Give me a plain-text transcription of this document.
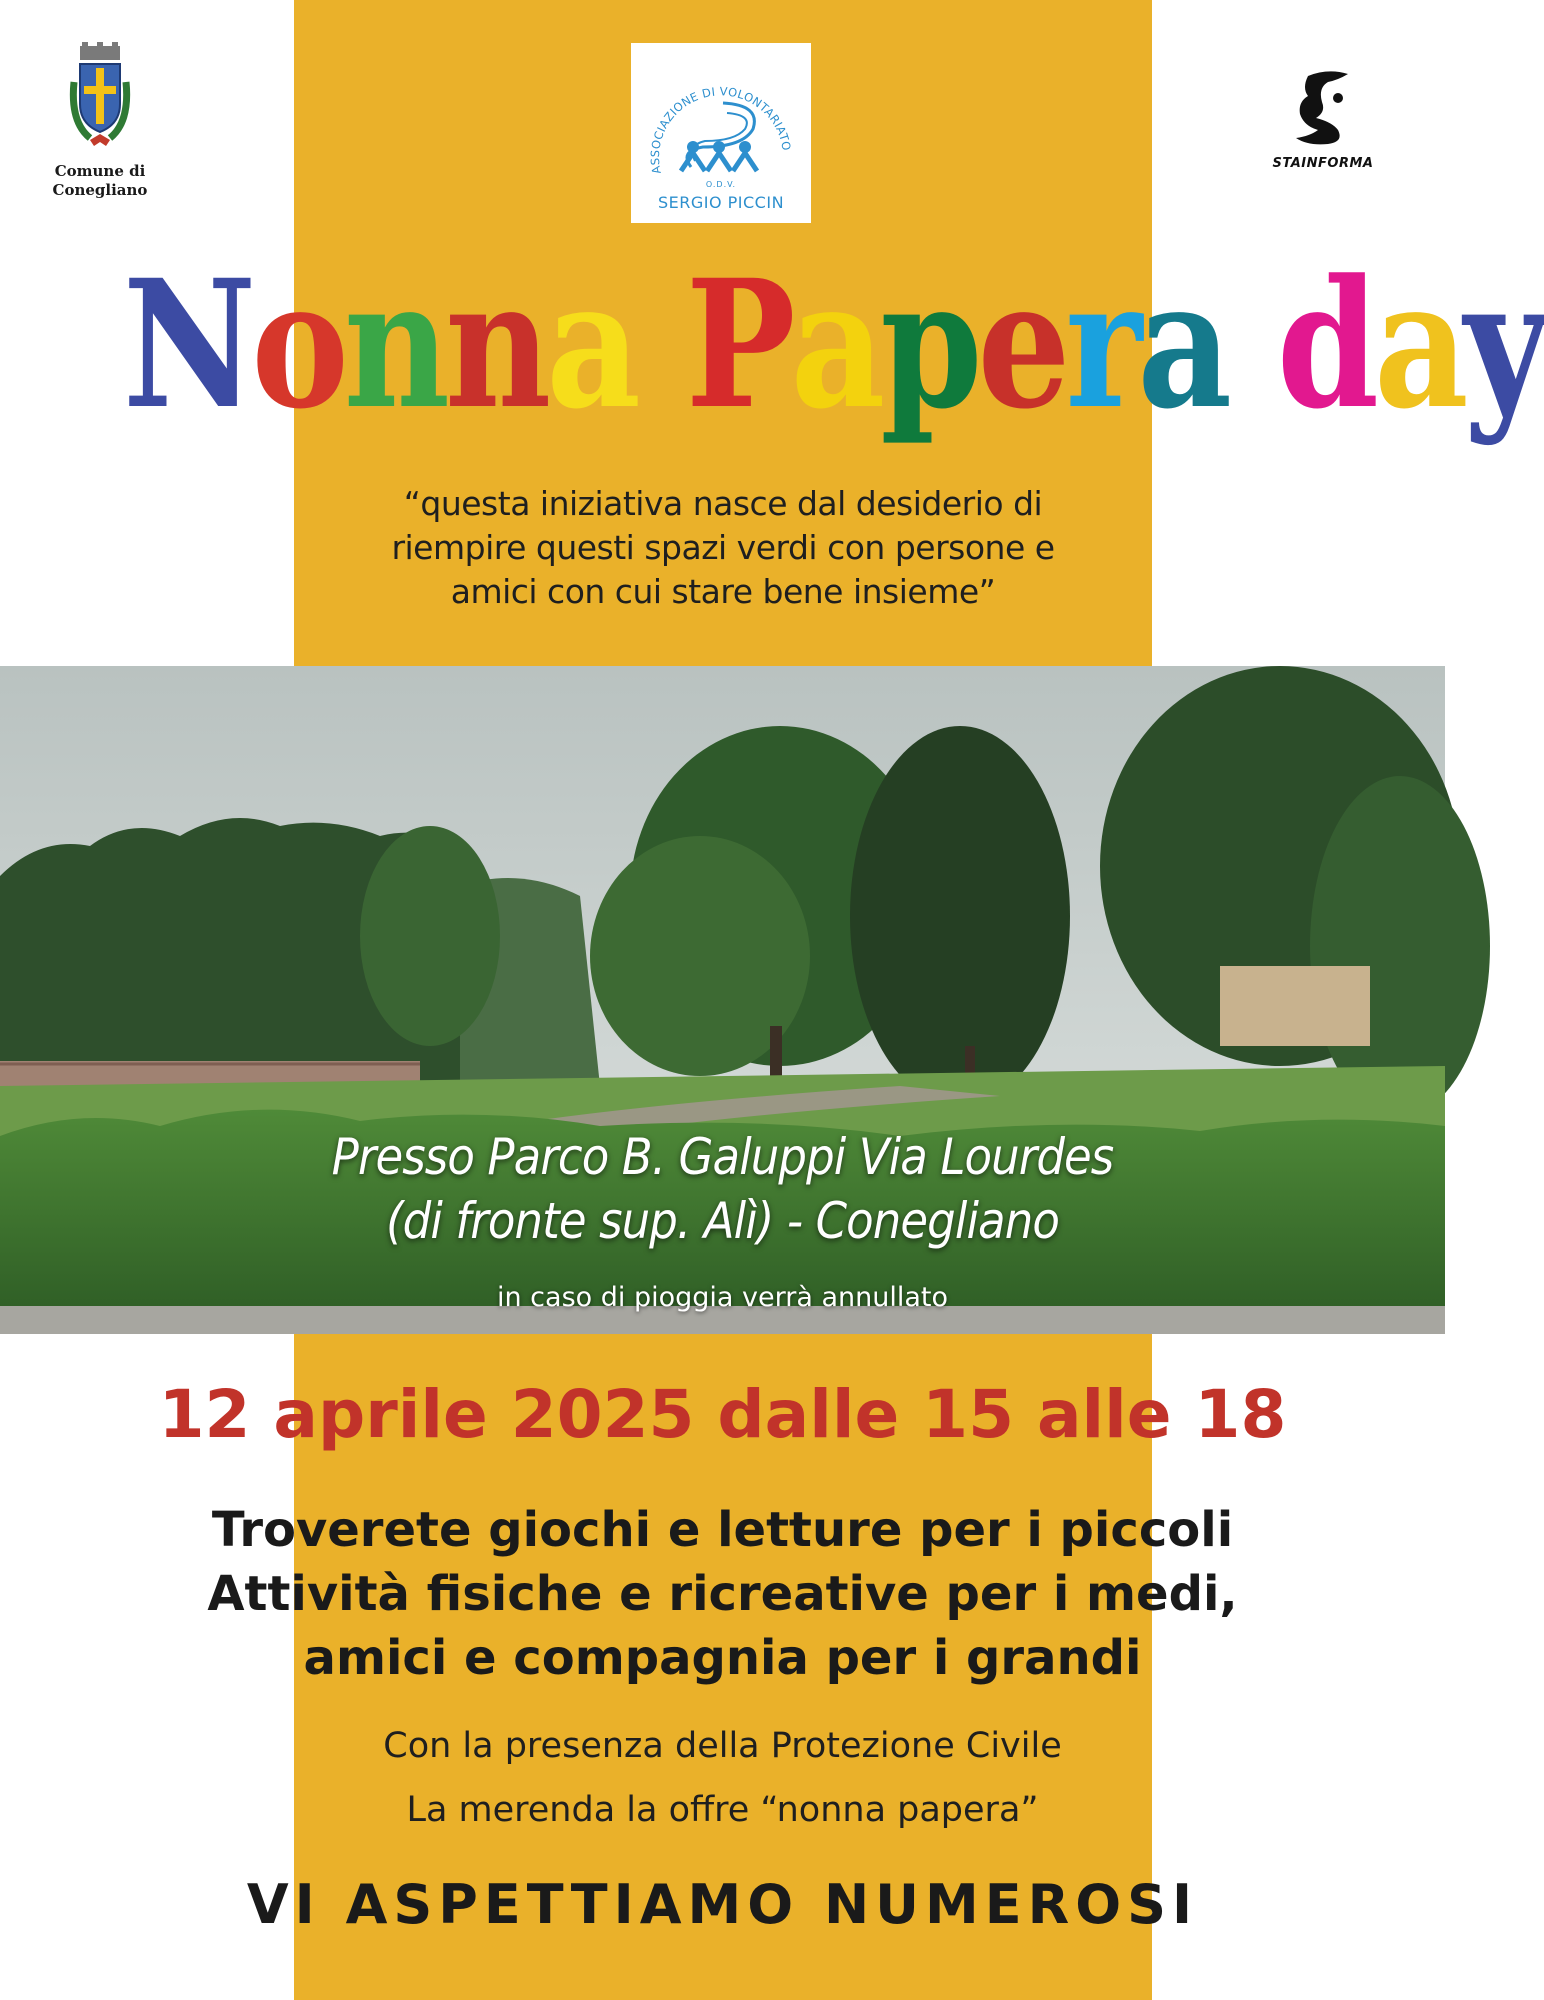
Comune di
Conegliano
ASSOCIAZIONE DI VOLONTARIATO
O.D.V.
SERGIO PICCIN
STAINFORMA
Nonna Papera day
“questa iniziativa nasce dal desiderio di
riempire questi spazi verdi con persone e
amici con cui stare bene insieme”
Presso Parco B. Galuppi Via Lourdes
(di fronte sup. Alì) - Conegliano
in caso di pioggia verrà annullato
12 aprile 2025 dalle 15 alle 18
Troverete giochi e letture per i piccoli
Attività fisiche e ricreative per i medi,
amici e compagnia per i grandi
Con la presenza della Protezione Civile
La merenda la offre “nonna papera”
VI ASPETTIAMO NUMEROSI
